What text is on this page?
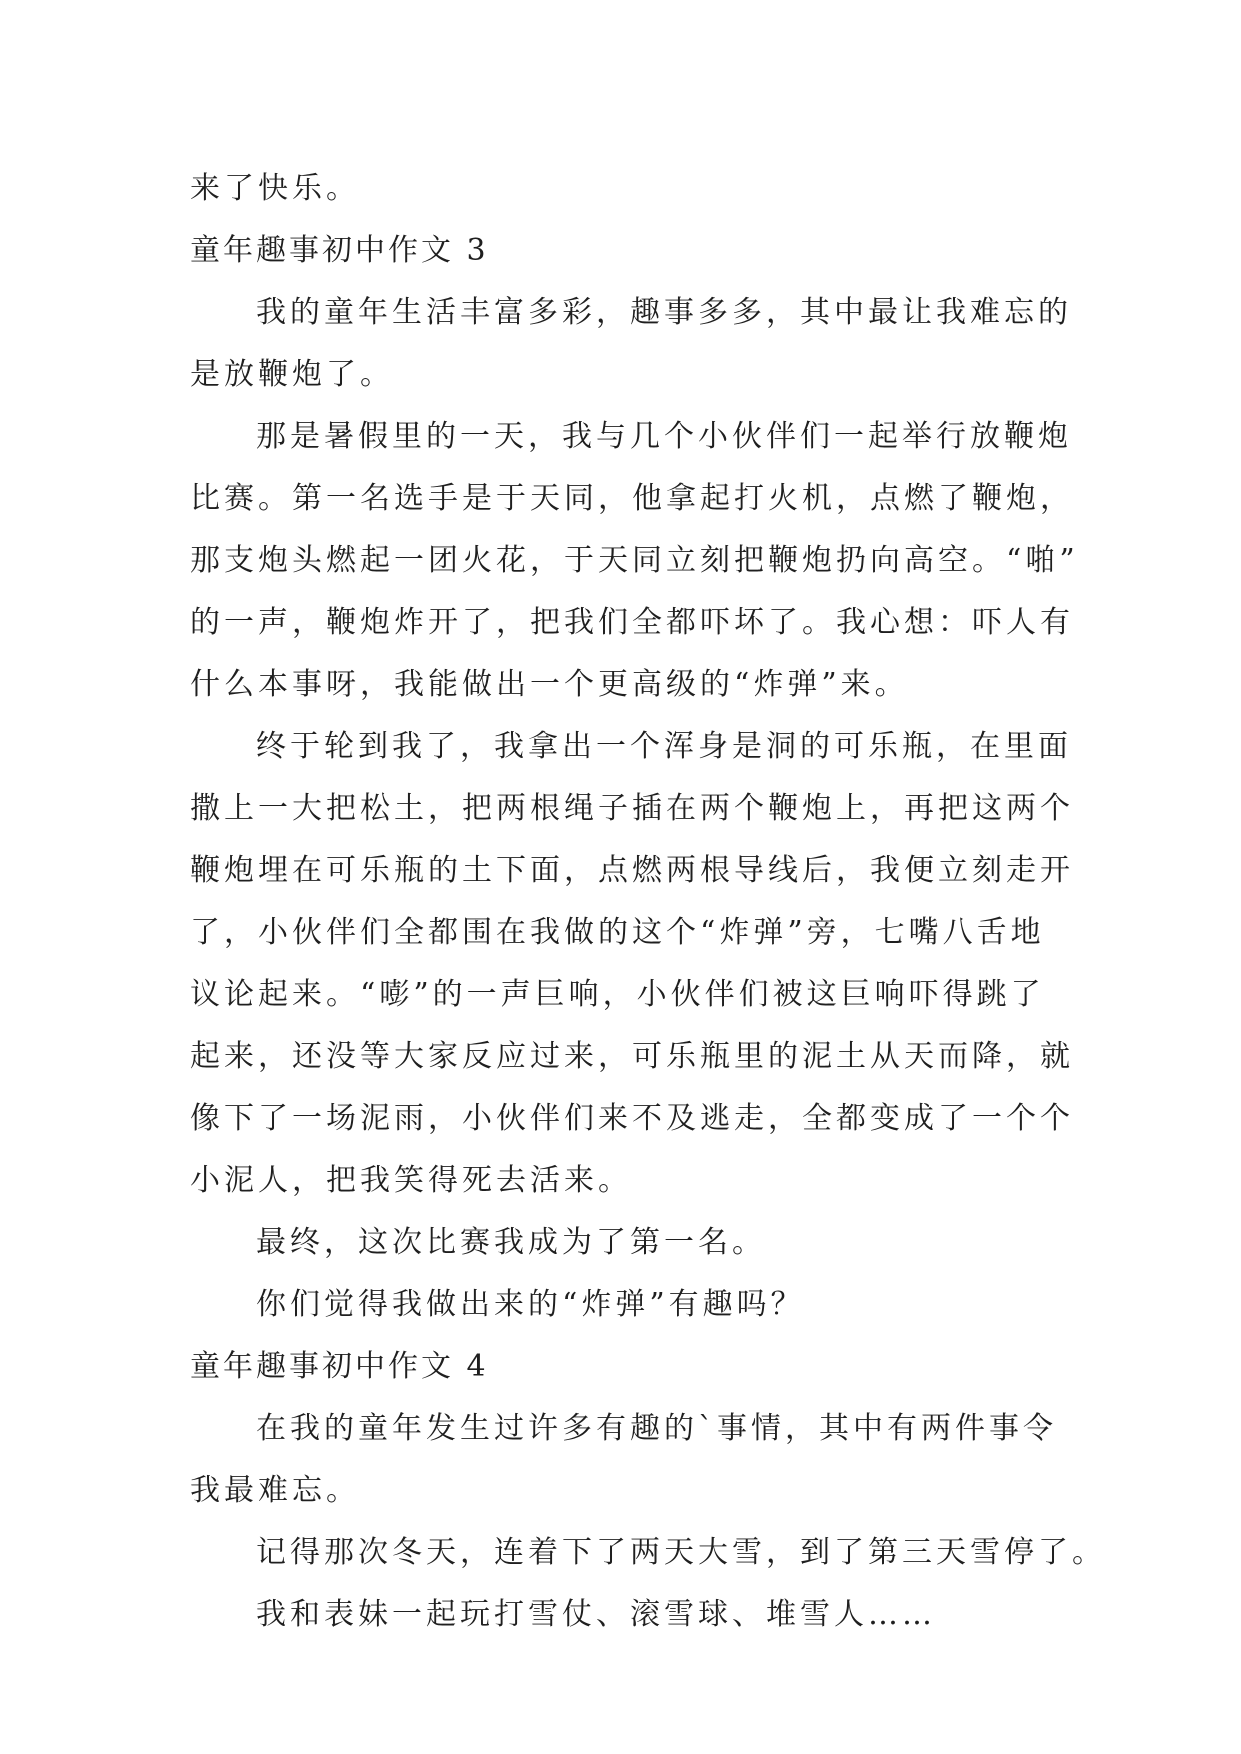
来了快乐。
童年趣事初中作文 3
我的童年生活丰富多彩，趣事多多，其中最让我难忘的
是放鞭炮了。
那是暑假里的一天，我与几个小伙伴们一起举行放鞭炮
比赛。第一名选手是于天同，他拿起打火机，点燃了鞭炮，
那支炮头燃起一团火花，于天同立刻把鞭炮扔向高空。“啪”
的一声，鞭炮炸开了，把我们全都吓坏了。我心想：吓人有
什么本事呀，我能做出一个更高级的“炸弹”来。
终于轮到我了，我拿出一个浑身是洞的可乐瓶，在里面
撒上一大把松土，把两根绳子插在两个鞭炮上，再把这两个
鞭炮埋在可乐瓶的土下面，点燃两根导线后，我便立刻走开
了，小伙伴们全都围在我做的这个“炸弹”旁，七嘴八舌地
议论起来。“嘭”的一声巨响，小伙伴们被这巨响吓得跳了
起来，还没等大家反应过来，可乐瓶里的泥土从天而降，就
像下了一场泥雨，小伙伴们来不及逃走，全都变成了一个个
小泥人，把我笑得死去活来。
最终，这次比赛我成为了第一名。
你们觉得我做出来的“炸弹”有趣吗？
童年趣事初中作文 4
在我的童年发生过许多有趣的`事情，其中有两件事令
我最难忘。
记得那次冬天，连着下了两天大雪，到了第三天雪停了。
我和表妹一起玩打雪仗、滚雪球、堆雪人……
